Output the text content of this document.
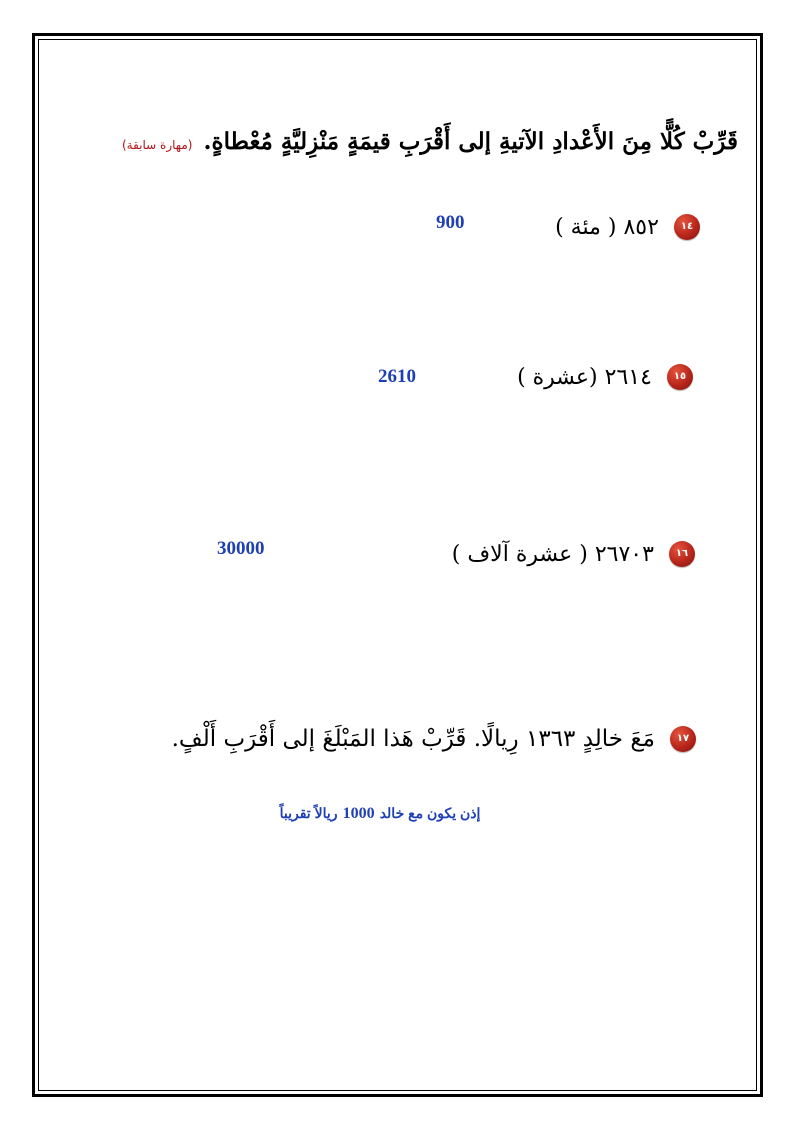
قَرِّبْ كُلًّا مِنَ الأَعْدادِ الآتيةِ إلى أَقْرَبِ قيمَةٍ مَنْزِليَّةٍ مُعْطاةٍ. (مهارة سابقة)
١٤ ٨٥٢ ( مئة )
900
١٥ ٢٦١٤ (عشرة )
2610
١٦ ٢٦٧٠٣ ( عشرة آلاف )
30000
١٧ مَعَ خالِدٍ ١٣٦٣ رِيالًا. قَرِّبْ هَذا المَبْلَغَ إلى أَقْرَبِ أَلْفٍ.
إذن يكون مع خالد 1000 ريالاً تقريباً
